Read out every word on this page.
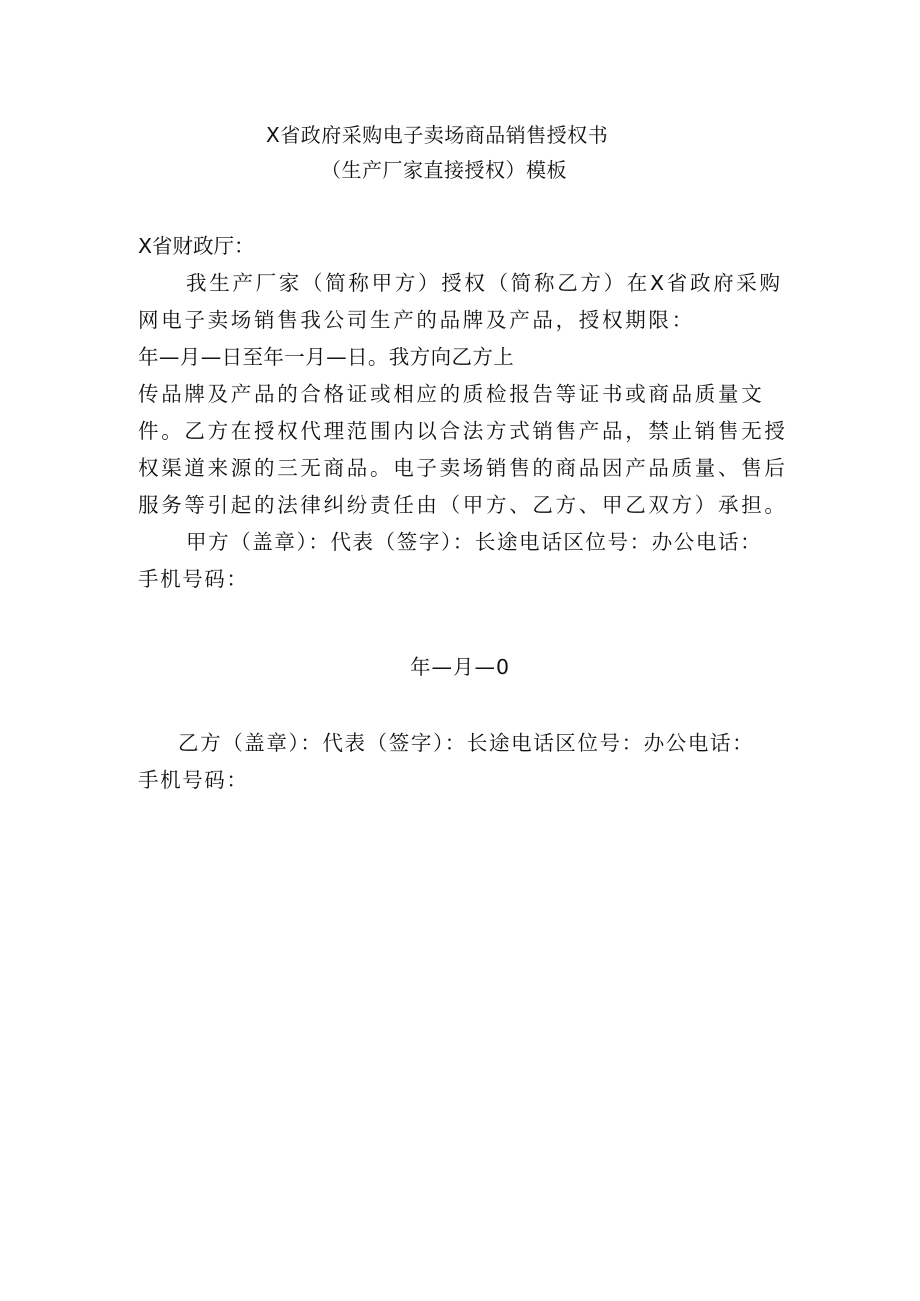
X省政府采购电子卖场商品销售授权书
（生产厂家直接授权）模板
X省财政厅：
我生产厂家（简称甲方）授权（简称乙方）在X省政府采购
网电子卖场销售我公司生产的品牌及产品，授权期限：
年—月—日至年一月—日。我方向乙方上
传品牌及产品的合格证或相应的质检报告等证书或商品质量文
件。乙方在授权代理范围内以合法方式销售产品，禁止销售无授
权渠道来源的三无商品。电子卖场销售的商品因产品质量、售后
服务等引起的法律纠纷责任由（甲方、乙方、甲乙双方）承担。
甲方（盖章）：代表（签字）：长途电话区位号：办公电话：
手机号码：
年—月—0
乙方（盖章）：代表（签字）：长途电话区位号：办公电话：
手机号码：
